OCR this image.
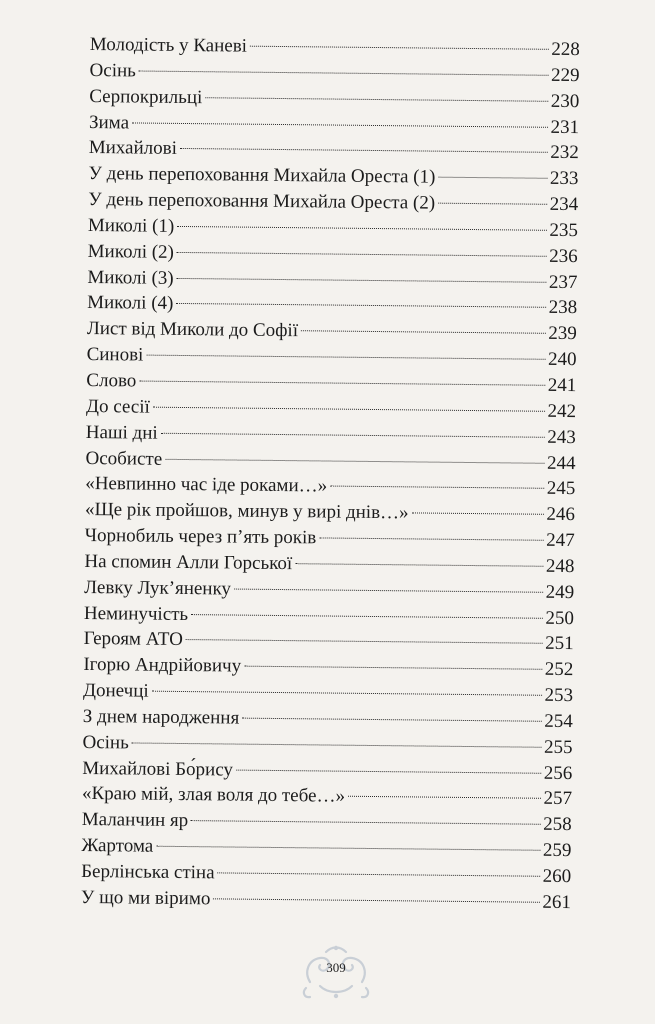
Молодість у Каневі	228
Осінь	229
Серпокрильці	230
Зима	231
Михайлові	232
У день перепоховання Михайла Ореста (1)	233
У день перепоховання Михайла Ореста (2)	234
Миколі (1)	235
Миколі (2)	236
Миколі (3)	237
Миколі (4)	238
Лист від Миколи до Софії	239
Синові	240
Слово	241
До сесії	242
Наші дні	243
Особисте	244
«Невпинно час іде роками…»	245
«Ще рік пройшов, минув у вирі днів…»	246
Чорнобиль через п’ять років	247
На спомин Алли Горської	248
Левку Лук’яненку	249
Неминучість	250
Героям АТО	251
Ігорю Андрійовичу	252
Донечці	253
З днем народження	254
Осінь	255
Михайлові Бо́рису	256
«Краю мій, злая воля до тебе…»	257
Маланчин яр	258
Жартома	259
Берлінська стіна	260
У що ми віримо	261
309
